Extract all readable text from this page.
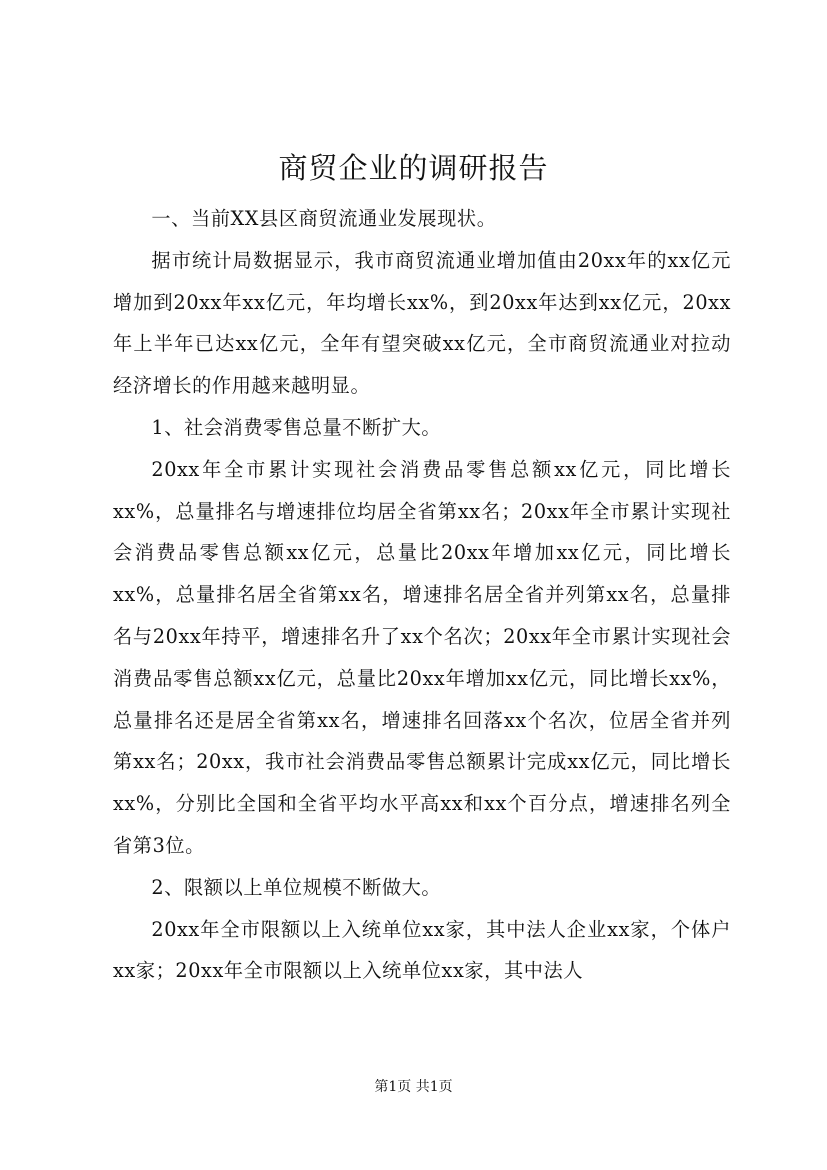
商贸企业的调研报告

一、当前XX县区商贸流通业发展现状。

据市统计局数据显示，我市商贸流通业增加值由20xx年的xx亿元增加到20xx年xx亿元，年均增长xx%，到20xx年达到xx亿元，20xx年上半年已达xx亿元，全年有望突破xx亿元，全市商贸流通业对拉动经济增长的作用越来越明显。

1、社会消费零售总量不断扩大。

20xx年全市累计实现社会消费品零售总额xx亿元，同比增长xx%，总量排名与增速排位均居全省第xx名；20xx年全市累计实现社会消费品零售总额xx亿元，总量比20xx年增加xx亿元，同比增长xx%，总量排名居全省第xx名，增速排名居全省并列第xx名，总量排名与20xx年持平，增速排名升了xx个名次；20xx年全市累计实现社会消费品零售总额xx亿元，总量比20xx年增加xx亿元，同比增长xx%，总量排名还是居全省第xx名，增速排名回落xx个名次，位居全省并列第xx名；20xx，我市社会消费品零售总额累计完成xx亿元，同比增长xx%，分别比全国和全省平均水平高xx和xx个百分点，增速排名列全省第3位。

2、限额以上单位规模不断做大。

20xx年全市限额以上入统单位xx家，其中法人企业xx家，个体户xx家；20xx年全市限额以上入统单位xx家，其中法人

第1页 共1页
